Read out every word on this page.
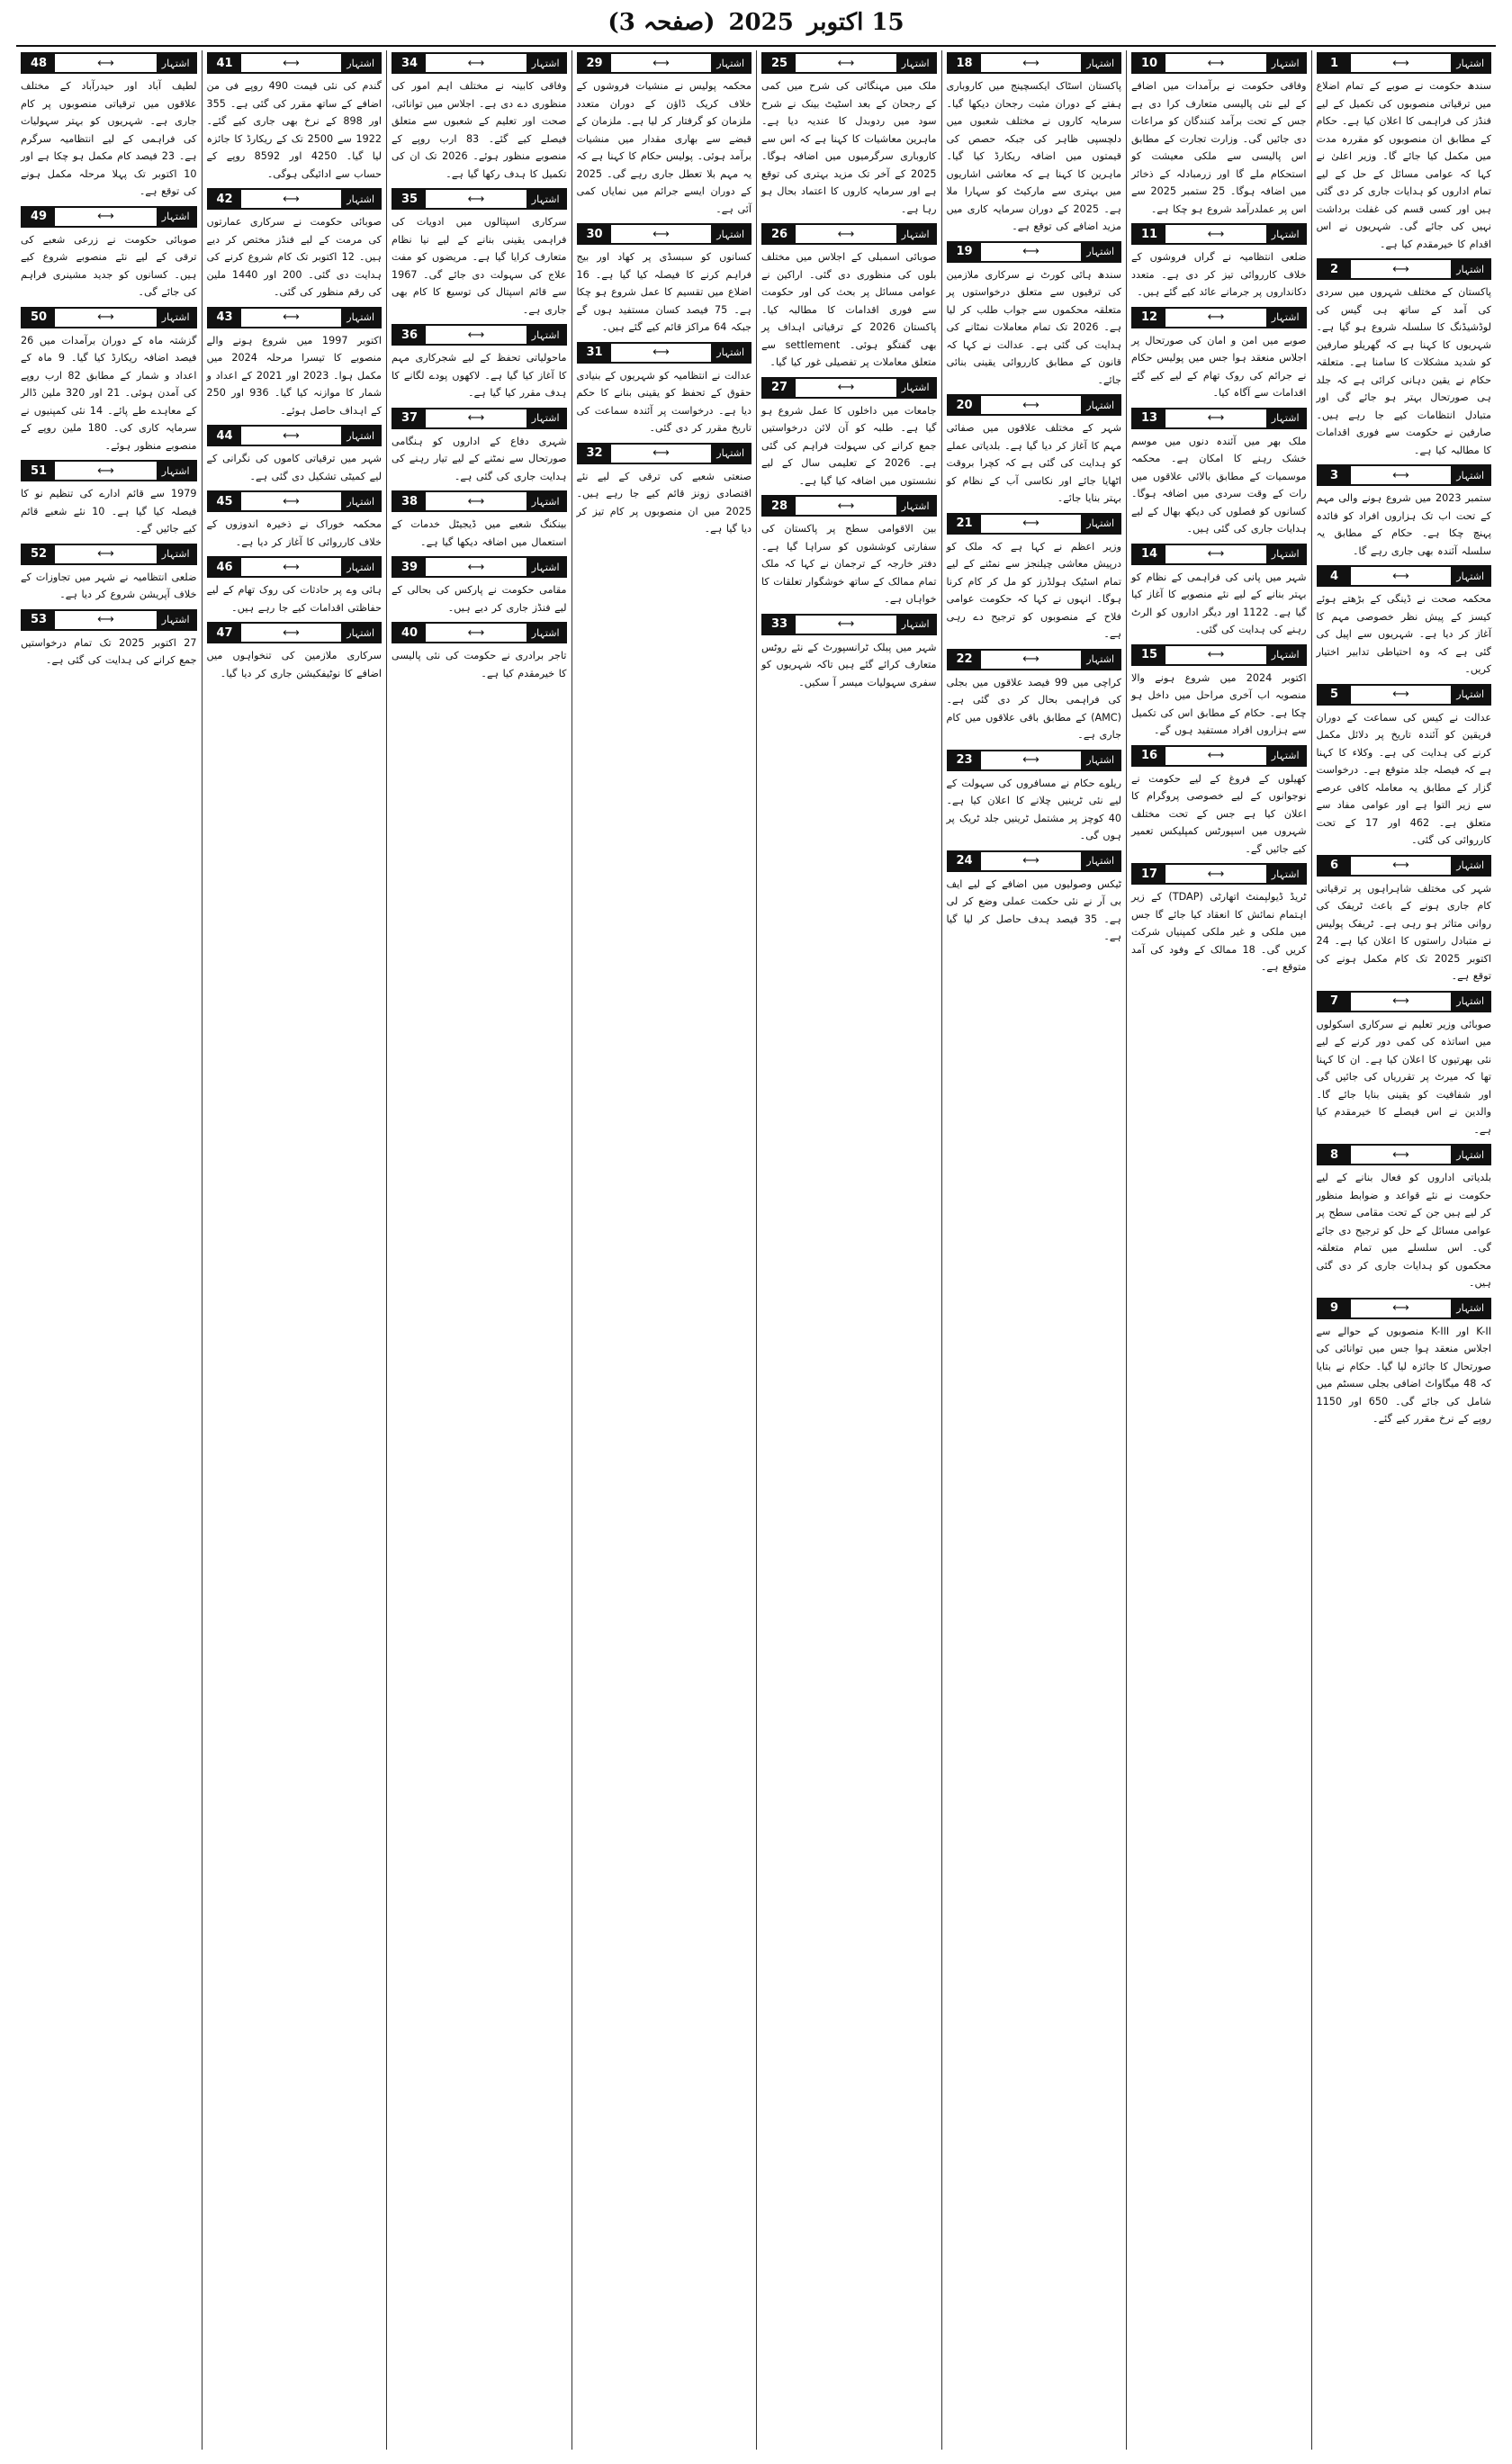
15 اکتوبر 2025 (صفحہ 3)
1	⟷	اشتہار

سندھ حکومت نے صوبے کے تمام اضلاع میں ترقیاتی منصوبوں کی تکمیل کے لیے فنڈز کی فراہمی کا اعلان کیا ہے۔ حکام کے مطابق ان منصوبوں کو مقررہ مدت میں مکمل کیا جائے گا۔ وزیر اعلیٰ نے کہا کہ عوامی مسائل کے حل کے لیے تمام اداروں کو ہدایات جاری کر دی گئی ہیں اور کسی قسم کی غفلت برداشت نہیں کی جائے گی۔ شہریوں نے اس اقدام کا خیرمقدم کیا ہے۔

2	⟷	اشتہار

پاکستان کے مختلف شہروں میں سردی کی آمد کے ساتھ ہی گیس کی لوڈشیڈنگ کا سلسلہ شروع ہو گیا ہے۔ شہریوں کا کہنا ہے کہ گھریلو صارفین کو شدید مشکلات کا سامنا ہے۔ متعلقہ حکام نے یقین دہانی کرائی ہے کہ جلد ہی صورتحال بہتر ہو جائے گی اور متبادل انتظامات کیے جا رہے ہیں۔ صارفین نے حکومت سے فوری اقدامات کا مطالبہ کیا ہے۔

3	⟷	اشتہار

ستمبر 2023 میں شروع ہونے والی مہم کے تحت اب تک ہزاروں افراد کو فائدہ پہنچ چکا ہے۔ حکام کے مطابق یہ سلسلہ آئندہ بھی جاری رہے گا۔

4	⟷	اشتہار

محکمہ صحت نے ڈینگی کے بڑھتے ہوئے کیسز کے پیش نظر خصوصی مہم کا آغاز کر دیا ہے۔ شہریوں سے اپیل کی گئی ہے کہ وہ احتیاطی تدابیر اختیار کریں۔

5	⟷	اشتہار

عدالت نے کیس کی سماعت کے دوران فریقین کو آئندہ تاریخ پر دلائل مکمل کرنے کی ہدایت کی ہے۔ وکلاء کا کہنا ہے کہ فیصلہ جلد متوقع ہے۔ درخواست گزار کے مطابق یہ معاملہ کافی عرصے سے زیر التوا ہے اور عوامی مفاد سے متعلق ہے۔ 462 اور 17 کے تحت کارروائی کی گئی۔

6	⟷	اشتہار

شہر کی مختلف شاہراہوں پر ترقیاتی کام جاری ہونے کے باعث ٹریفک کی روانی متاثر ہو رہی ہے۔ ٹریفک پولیس نے متبادل راستوں کا اعلان کیا ہے۔ 24 اکتوبر 2025 تک کام مکمل ہونے کی توقع ہے۔

7	⟷	اشتہار

صوبائی وزیر تعلیم نے سرکاری اسکولوں میں اساتذہ کی کمی دور کرنے کے لیے نئی بھرتیوں کا اعلان کیا ہے۔ ان کا کہنا تھا کہ میرٹ پر تقرریاں کی جائیں گی اور شفافیت کو یقینی بنایا جائے گا۔ والدین نے اس فیصلے کا خیرمقدم کیا ہے۔

8	⟷	اشتہار

بلدیاتی اداروں کو فعال بنانے کے لیے حکومت نے نئے قواعد و ضوابط منظور کر لیے ہیں جن کے تحت مقامی سطح پر عوامی مسائل کے حل کو ترجیح دی جائے گی۔ اس سلسلے میں تمام متعلقہ محکموں کو ہدایات جاری کر دی گئی ہیں۔

9	⟷	اشتہار

K-II اور K-III منصوبوں کے حوالے سے اجلاس منعقد ہوا جس میں توانائی کی صورتحال کا جائزہ لیا گیا۔ حکام نے بتایا کہ 48 میگاواٹ اضافی بجلی سسٹم میں شامل کی جائے گی۔ 650 اور 1150 روپے کے نرخ مقرر کیے گئے۔

10	⟷	اشتہار

وفاقی حکومت نے برآمدات میں اضافے کے لیے نئی پالیسی متعارف کرا دی ہے جس کے تحت برآمد کنندگان کو مراعات دی جائیں گی۔ وزارت تجارت کے مطابق اس پالیسی سے ملکی معیشت کو استحکام ملے گا اور زرمبادلہ کے ذخائر میں اضافہ ہوگا۔ 25 ستمبر 2025 سے اس پر عملدرآمد شروع ہو چکا ہے۔

11	⟷	اشتہار

ضلعی انتظامیہ نے گراں فروشوں کے خلاف کارروائی تیز کر دی ہے۔ متعدد دکانداروں پر جرمانے عائد کیے گئے ہیں۔

12	⟷	اشتہار

صوبے میں امن و امان کی صورتحال پر اجلاس منعقد ہوا جس میں پولیس حکام نے جرائم کی روک تھام کے لیے کیے گئے اقدامات سے آگاہ کیا۔

13	⟷	اشتہار

ملک بھر میں آئندہ دنوں میں موسم خشک رہنے کا امکان ہے۔ محکمہ موسمیات کے مطابق بالائی علاقوں میں رات کے وقت سردی میں اضافہ ہوگا۔ کسانوں کو فصلوں کی دیکھ بھال کے لیے ہدایات جاری کی گئی ہیں۔

14	⟷	اشتہار

شہر میں پانی کی فراہمی کے نظام کو بہتر بنانے کے لیے نئے منصوبے کا آغاز کیا گیا ہے۔ 1122 اور دیگر اداروں کو الرٹ رہنے کی ہدایت کی گئی۔

15	⟷	اشتہار

اکتوبر 2024 میں شروع ہونے والا منصوبہ اب آخری مراحل میں داخل ہو چکا ہے۔ حکام کے مطابق اس کی تکمیل سے ہزاروں افراد مستفید ہوں گے۔

16	⟷	اشتہار

کھیلوں کے فروغ کے لیے حکومت نے نوجوانوں کے لیے خصوصی پروگرام کا اعلان کیا ہے جس کے تحت مختلف شہروں میں اسپورٹس کمپلیکس تعمیر کیے جائیں گے۔

17	⟷	اشتہار

ٹریڈ ڈیولپمنٹ اتھارٹی (TDAP) کے زیر اہتمام نمائش کا انعقاد کیا جائے گا جس میں ملکی و غیر ملکی کمپنیاں شرکت کریں گی۔ 18 ممالک کے وفود کی آمد متوقع ہے۔

18	⟷	اشتہار

پاکستان اسٹاک ایکسچینج میں کاروباری ہفتے کے دوران مثبت رجحان دیکھا گیا۔ سرمایہ کاروں نے مختلف شعبوں میں دلچسپی ظاہر کی جبکہ حصص کی قیمتوں میں اضافہ ریکارڈ کیا گیا۔ ماہرین کا کہنا ہے کہ معاشی اشاریوں میں بہتری سے مارکیٹ کو سہارا ملا ہے۔ 2025 کے دوران سرمایہ کاری میں مزید اضافے کی توقع ہے۔

19	⟷	اشتہار

سندھ ہائی کورٹ نے سرکاری ملازمین کی ترقیوں سے متعلق درخواستوں پر متعلقہ محکموں سے جواب طلب کر لیا ہے۔ 2026 تک تمام معاملات نمٹانے کی ہدایت کی گئی ہے۔ عدالت نے کہا کہ قانون کے مطابق کارروائی یقینی بنائی جائے۔

20	⟷	اشتہار

شہر کے مختلف علاقوں میں صفائی مہم کا آغاز کر دیا گیا ہے۔ بلدیاتی عملے کو ہدایت کی گئی ہے کہ کچرا بروقت اٹھایا جائے اور نکاسی آب کے نظام کو بہتر بنایا جائے۔

21	⟷	اشتہار

وزیر اعظم نے کہا ہے کہ ملک کو درپیش معاشی چیلنجز سے نمٹنے کے لیے تمام اسٹیک ہولڈرز کو مل کر کام کرنا ہوگا۔ انہوں نے کہا کہ حکومت عوامی فلاح کے منصوبوں کو ترجیح دے رہی ہے۔

22	⟷	اشتہار

کراچی میں 99 فیصد علاقوں میں بجلی کی فراہمی بحال کر دی گئی ہے۔ (AMC) کے مطابق باقی علاقوں میں کام جاری ہے۔

23	⟷	اشتہار

ریلوے حکام نے مسافروں کی سہولت کے لیے نئی ٹرینیں چلانے کا اعلان کیا ہے۔ 40 کوچز پر مشتمل ٹرینیں جلد ٹریک پر ہوں گی۔

24	⟷	اشتہار

ٹیکس وصولیوں میں اضافے کے لیے ایف بی آر نے نئی حکمت عملی وضع کر لی ہے۔ 35 فیصد ہدف حاصل کر لیا گیا ہے۔

25	⟷	اشتہار

ملک میں مہنگائی کی شرح میں کمی کے رجحان کے بعد اسٹیٹ بینک نے شرح سود میں ردوبدل کا عندیہ دیا ہے۔ ماہرین معاشیات کا کہنا ہے کہ اس سے کاروباری سرگرمیوں میں اضافہ ہوگا۔ 2025 کے آخر تک مزید بہتری کی توقع ہے اور سرمایہ کاروں کا اعتماد بحال ہو رہا ہے۔

26	⟷	اشتہار

صوبائی اسمبلی کے اجلاس میں مختلف بلوں کی منظوری دی گئی۔ اراکین نے عوامی مسائل پر بحث کی اور حکومت سے فوری اقدامات کا مطالبہ کیا۔ پاکستان 2026 کے ترقیاتی اہداف پر بھی گفتگو ہوئی۔ settlement سے متعلق معاملات پر تفصیلی غور کیا گیا۔

27	⟷	اشتہار

جامعات میں داخلوں کا عمل شروع ہو گیا ہے۔ طلبہ کو آن لائن درخواستیں جمع کرانے کی سہولت فراہم کی گئی ہے۔ 2026 کے تعلیمی سال کے لیے نشستوں میں اضافہ کیا گیا ہے۔

28	⟷	اشتہار

بین الاقوامی سطح پر پاکستان کی سفارتی کوششوں کو سراہا گیا ہے۔ دفتر خارجہ کے ترجمان نے کہا کہ ملک تمام ممالک کے ساتھ خوشگوار تعلقات کا خواہاں ہے۔

33	⟷	اشتہار

شہر میں پبلک ٹرانسپورٹ کے نئے روٹس متعارف کرائے گئے ہیں تاکہ شہریوں کو سفری سہولیات میسر آ سکیں۔

29	⟷	اشتہار

محکمہ پولیس نے منشیات فروشوں کے خلاف کریک ڈاؤن کے دوران متعدد ملزمان کو گرفتار کر لیا ہے۔ ملزمان کے قبضے سے بھاری مقدار میں منشیات برآمد ہوئی۔ پولیس حکام کا کہنا ہے کہ یہ مہم بلا تعطل جاری رہے گی۔ 2025 کے دوران ایسے جرائم میں نمایاں کمی آئی ہے۔

30	⟷	اشتہار

کسانوں کو سبسڈی پر کھاد اور بیج فراہم کرنے کا فیصلہ کیا گیا ہے۔ 16 اضلاع میں تقسیم کا عمل شروع ہو چکا ہے۔ 75 فیصد کسان مستفید ہوں گے جبکہ 64 مراکز قائم کیے گئے ہیں۔

31	⟷	اشتہار

عدالت نے انتظامیہ کو شہریوں کے بنیادی حقوق کے تحفظ کو یقینی بنانے کا حکم دیا ہے۔ درخواست پر آئندہ سماعت کی تاریخ مقرر کر دی گئی۔

32	⟷	اشتہار

صنعتی شعبے کی ترقی کے لیے نئے اقتصادی زونز قائم کیے جا رہے ہیں۔ 2025 میں ان منصوبوں پر کام تیز کر دیا گیا ہے۔

34	⟷	اشتہار

وفاقی کابینہ نے مختلف اہم امور کی منظوری دے دی ہے۔ اجلاس میں توانائی، صحت اور تعلیم کے شعبوں سے متعلق فیصلے کیے گئے۔ 83 ارب روپے کے منصوبے منظور ہوئے۔ 2026 تک ان کی تکمیل کا ہدف رکھا گیا ہے۔

35	⟷	اشتہار

سرکاری اسپتالوں میں ادویات کی فراہمی یقینی بنانے کے لیے نیا نظام متعارف کرایا گیا ہے۔ مریضوں کو مفت علاج کی سہولت دی جائے گی۔ 1967 سے قائم اسپتال کی توسیع کا کام بھی جاری ہے۔

36	⟷	اشتہار

ماحولیاتی تحفظ کے لیے شجرکاری مہم کا آغاز کیا گیا ہے۔ لاکھوں پودے لگانے کا ہدف مقرر کیا گیا ہے۔

37	⟷	اشتہار

شہری دفاع کے اداروں کو ہنگامی صورتحال سے نمٹنے کے لیے تیار رہنے کی ہدایت جاری کی گئی ہے۔

38	⟷	اشتہار

بینکنگ شعبے میں ڈیجیٹل خدمات کے استعمال میں اضافہ دیکھا گیا ہے۔

39	⟷	اشتہار

مقامی حکومت نے پارکس کی بحالی کے لیے فنڈز جاری کر دیے ہیں۔

40	⟷	اشتہار

تاجر برادری نے حکومت کی نئی پالیسی کا خیرمقدم کیا ہے۔

41	⟷	اشتہار

گندم کی نئی قیمت 490 روپے فی من اضافے کے ساتھ مقرر کی گئی ہے۔ 355 اور 898 کے نرخ بھی جاری کیے گئے۔ 1922 سے 2500 تک کے ریکارڈ کا جائزہ لیا گیا۔ 4250 اور 8592 روپے کے حساب سے ادائیگی ہوگی۔

42	⟷	اشتہار

صوبائی حکومت نے سرکاری عمارتوں کی مرمت کے لیے فنڈز مختص کر دیے ہیں۔ 12 اکتوبر تک کام شروع کرنے کی ہدایت دی گئی۔ 200 اور 1440 ملین کی رقم منظور کی گئی۔

43	⟷	اشتہار

اکتوبر 1997 میں شروع ہونے والے منصوبے کا تیسرا مرحلہ 2024 میں مکمل ہوا۔ 2023 اور 2021 کے اعداد و شمار کا موازنہ کیا گیا۔ 936 اور 250 کے اہداف حاصل ہوئے۔

44	⟷	اشتہار

شہر میں ترقیاتی کاموں کی نگرانی کے لیے کمیٹی تشکیل دی گئی ہے۔

45	⟷	اشتہار

محکمہ خوراک نے ذخیرہ اندوزوں کے خلاف کارروائی کا آغاز کر دیا ہے۔

46	⟷	اشتہار

ہائی وے پر حادثات کی روک تھام کے لیے حفاظتی اقدامات کیے جا رہے ہیں۔

47	⟷	اشتہار

سرکاری ملازمین کی تنخواہوں میں اضافے کا نوٹیفکیشن جاری کر دیا گیا۔

48	⟷	اشتہار

لطیف آباد اور حیدرآباد کے مختلف علاقوں میں ترقیاتی منصوبوں پر کام جاری ہے۔ شہریوں کو بہتر سہولیات کی فراہمی کے لیے انتظامیہ سرگرم ہے۔ 23 فیصد کام مکمل ہو چکا ہے اور 10 اکتوبر تک پہلا مرحلہ مکمل ہونے کی توقع ہے۔

49	⟷	اشتہار

صوبائی حکومت نے زرعی شعبے کی ترقی کے لیے نئے منصوبے شروع کیے ہیں۔ کسانوں کو جدید مشینری فراہم کی جائے گی۔

50	⟷	اشتہار

گزشتہ ماہ کے دوران برآمدات میں 26 فیصد اضافہ ریکارڈ کیا گیا۔ 9 ماہ کے اعداد و شمار کے مطابق 82 ارب روپے کی آمدن ہوئی۔ 21 اور 320 ملین ڈالر کے معاہدے طے پائے۔ 14 نئی کمپنیوں نے سرمایہ کاری کی۔ 180 ملین روپے کے منصوبے منظور ہوئے۔

51	⟷	اشتہار

1979 سے قائم ادارے کی تنظیم نو کا فیصلہ کیا گیا ہے۔ 10 نئے شعبے قائم کیے جائیں گے۔

52	⟷	اشتہار

ضلعی انتظامیہ نے شہر میں تجاوزات کے خلاف آپریشن شروع کر دیا ہے۔

53	⟷	اشتہار

27 اکتوبر 2025 تک تمام درخواستیں جمع کرانے کی ہدایت کی گئی ہے۔
